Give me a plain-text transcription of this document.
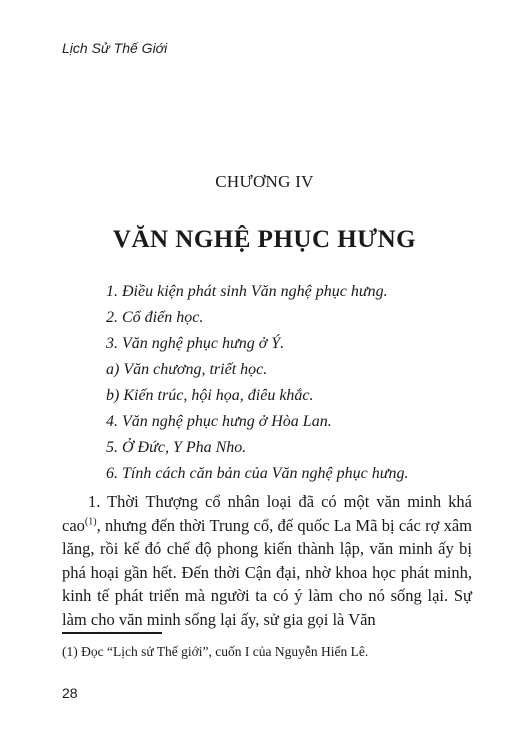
Lịch Sử Thế Giới
CHƯƠNG IV
VĂN NGHỆ PHỤC HƯNG
1. Điều kiện phát sinh Văn nghệ phục hưng.
2. Cổ điển học.
3. Văn nghệ phục hưng ở Ý.
a) Văn chương, triết học.
b) Kiến trúc, hội họa, điêu khắc.
4. Văn nghệ phục hưng ở Hòa Lan.
5. Ở Đức, Y Pha Nho.
6. Tính cách căn bản của Văn nghệ phục hưng.

1. Thời Thượng cổ nhân loại đã có một văn minh khá cao$^{(1)}$, nhưng đến thời Trung cổ, đế quốc La Mã bị các rợ xâm lăng, rồi kế đó chế độ phong kiến thành lập, văn minh ấy bị phá hoại gần hết. Đến thời Cận đại, nhờ khoa học phát minh, kinh tế phát triển mà người ta có ý làm cho nó sống lại. Sự làm cho văn minh sống lại ấy, sử gia gọi là Văn

(1) Đọc “Lịch sử Thế giới”, cuốn I của Nguyễn Hiến Lê.
28
